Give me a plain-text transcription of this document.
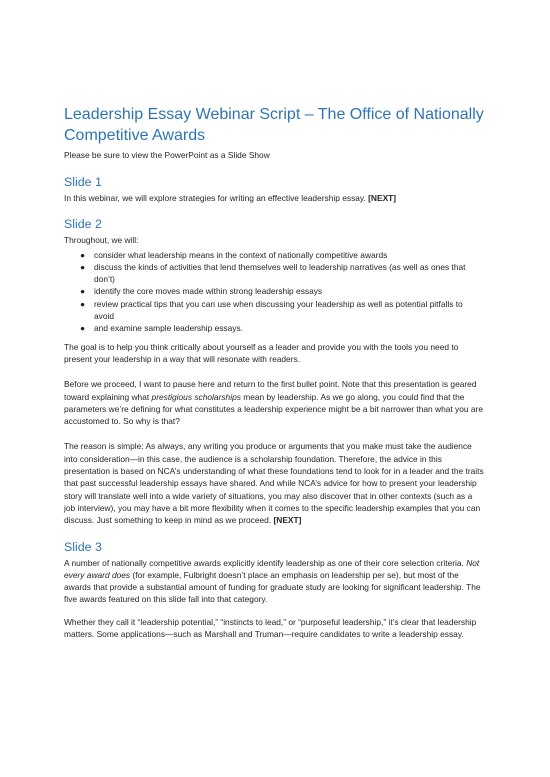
Leadership Essay Webinar Script – The Office of Nationally Competitive Awards

Please be sure to view the PowerPoint as a Slide Show

Slide 1

In this webinar, we will explore strategies for writing an effective leadership essay. [NEXT]

Slide 2

Throughout, we will:

● consider what leadership means in the context of nationally competitive awards
● discuss the kinds of activities that lend themselves well to leadership narratives (as well as ones that don’t)
● identify the core moves made within strong leadership essays
● review practical tips that you can use when discussing your leadership as well as potential pitfalls to avoid
● and examine sample leadership essays.

The goal is to help you think critically about yourself as a leader and provide you with the tools you need to present your leadership in a way that will resonate with readers.

Before we proceed, I want to pause here and return to the first bullet point. Note that this presentation is geared toward explaining what prestigious scholarships mean by leadership. As we go along, you could find that the parameters we’re defining for what constitutes a leadership experience might be a bit narrower than what you are accustomed to. So why is that?

The reason is simple: As always, any writing you produce or arguments that you make must take the audience into consideration—in this case, the audience is a scholarship foundation. Therefore, the advice in this presentation is based on NCA’s understanding of what these foundations tend to look for in a leader and the traits that past successful leadership essays have shared. And while NCA’s advice for how to present your leadership story will translate well into a wide variety of situations, you may also discover that in other contexts (such as a job interview), you may have a bit more flexibility when it comes to the specific leadership examples that you can discuss. Just something to keep in mind as we proceed. [NEXT]

Slide 3

A number of nationally competitive awards explicitly identify leadership as one of their core selection criteria. Not every award does (for example, Fulbright doesn’t place an emphasis on leadership per se), but most of the awards that provide a substantial amount of funding for graduate study are looking for significant leadership. The five awards featured on this slide fall into that category.

Whether they call it “leadership potential,” “instincts to lead,” or “purposeful leadership,” it’s clear that leadership matters. Some applications—such as Marshall and Truman—require candidates to write a leadership essay.
